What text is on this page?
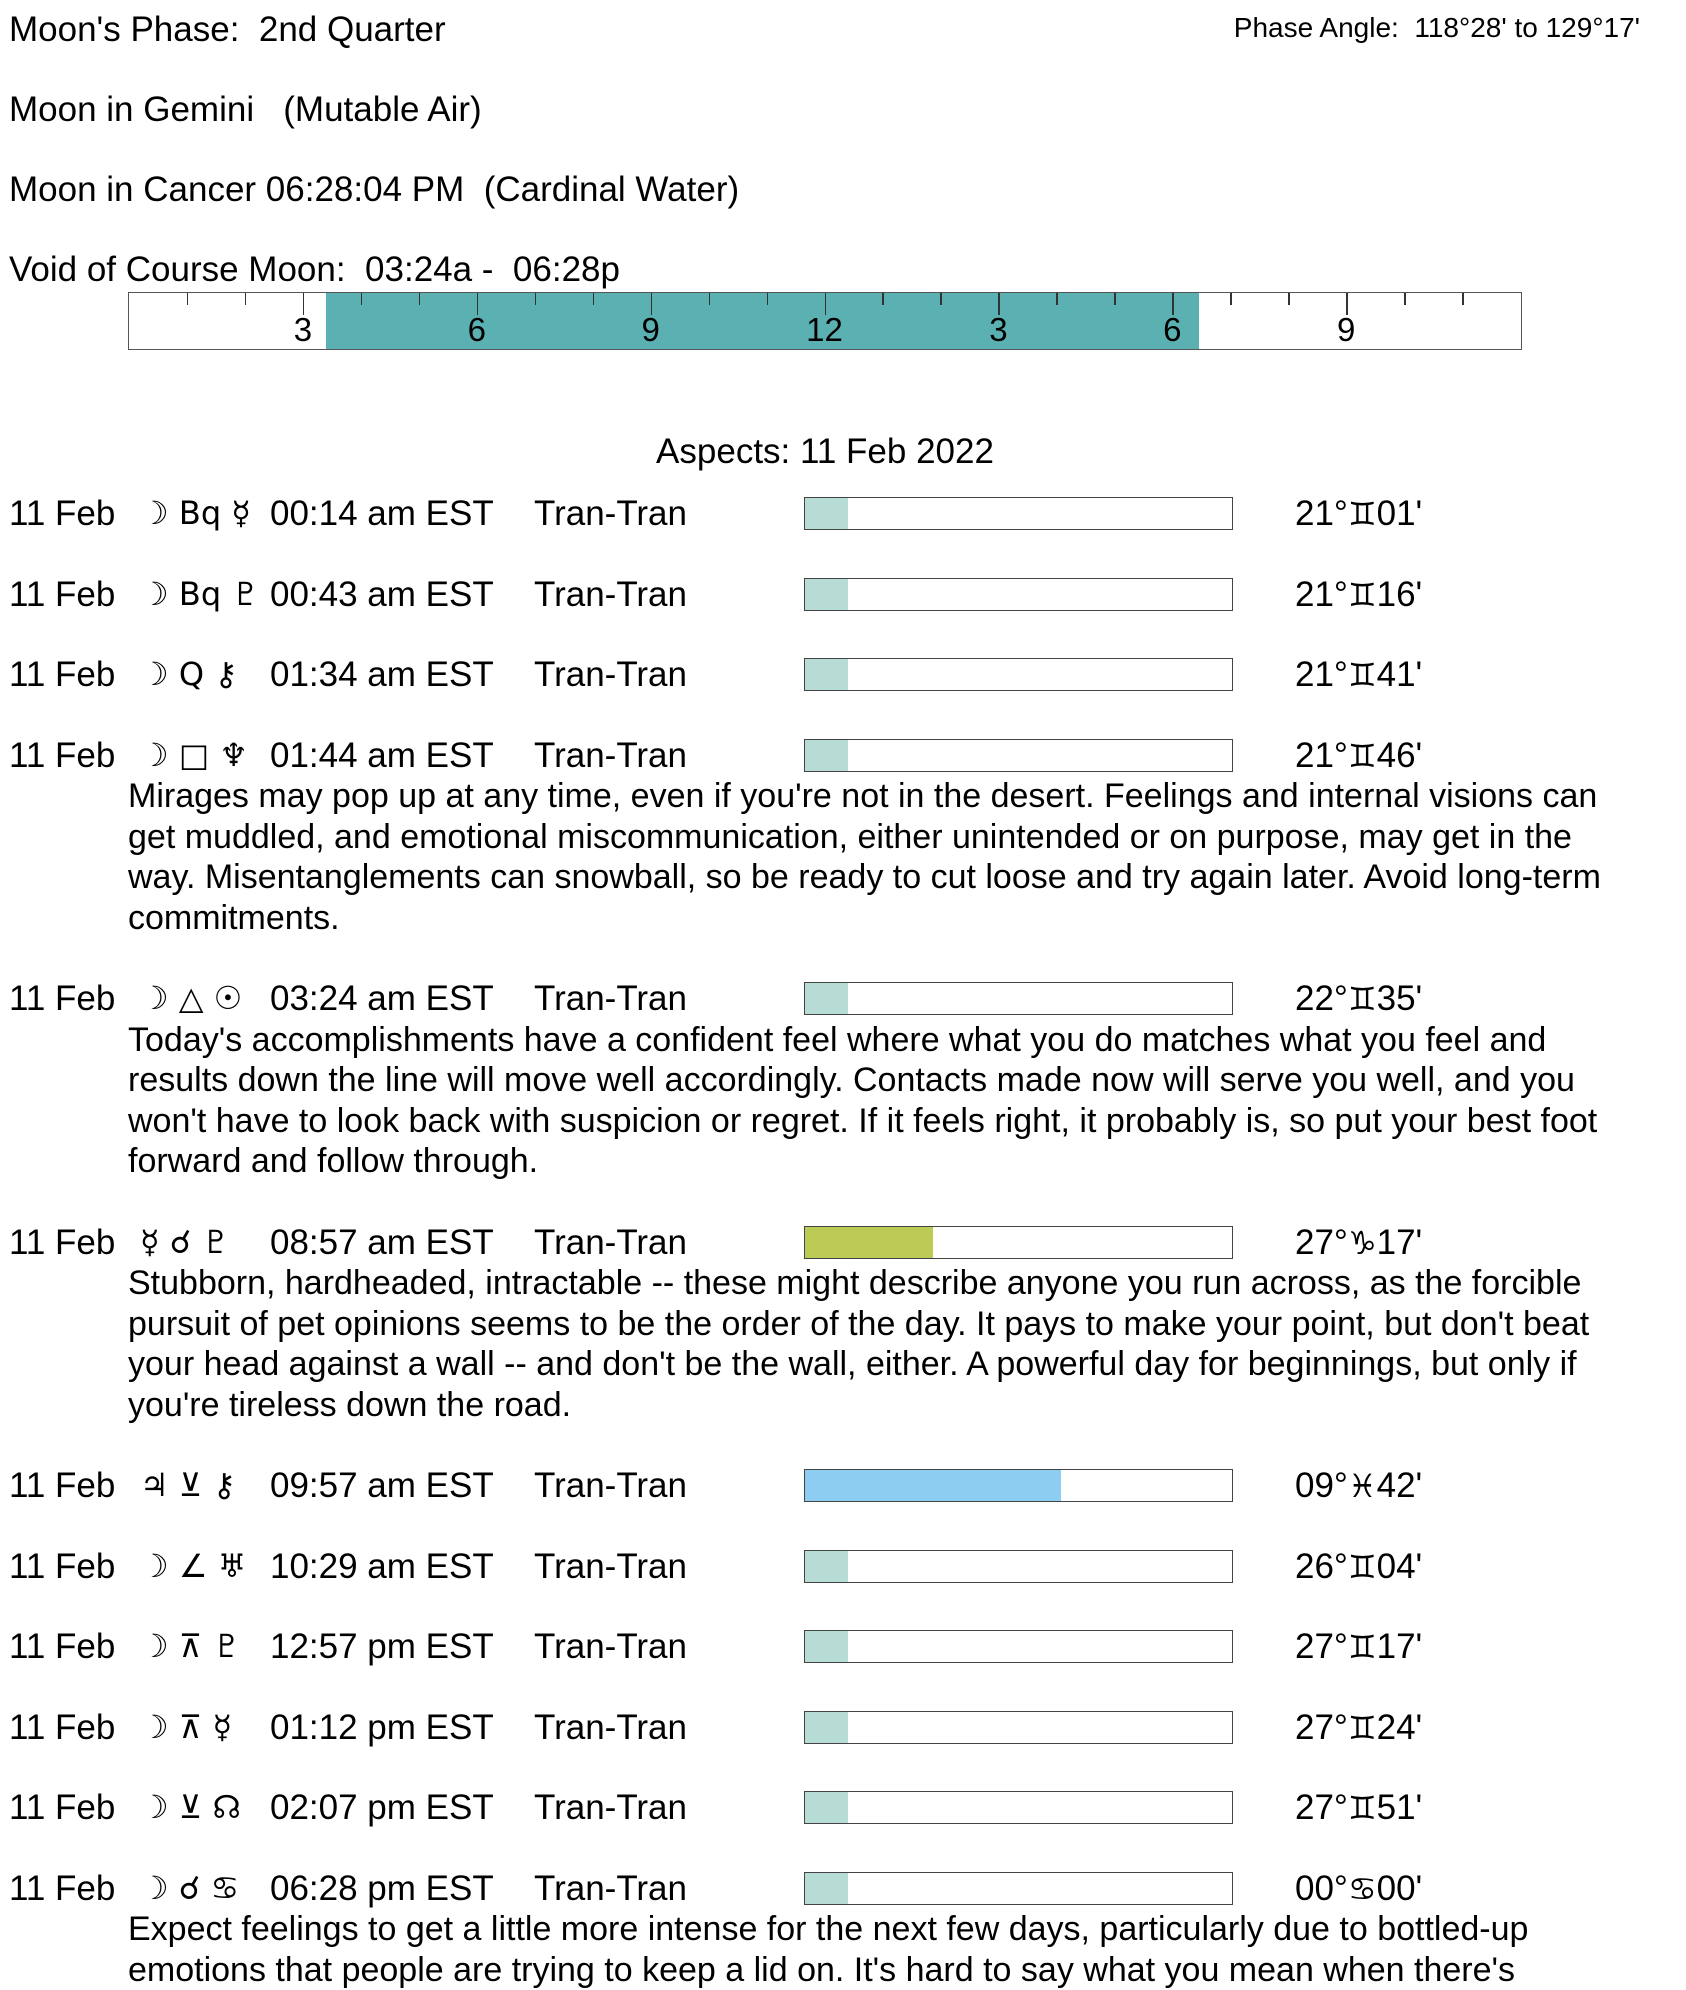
Moon's Phase:  2nd Quarter	Phase Angle:  118°28' to 129°17'
Moon in Gemini   (Mutable Air)
Moon in Cancer 06:28:04 PM  (Cardinal Water)
Void of Course Moon:  03:24a -  06:28p
3	6	9	12	3	6	9
Aspects: 11 Feb 2022
11 Feb ☽ Bq ☿ 00:14 am EST Tran-Tran	21°♊01'
11 Feb ☽ Bq ♇ 00:43 am EST Tran-Tran	21°♊16'
11 Feb ☽ Q ⚷ 01:34 am EST Tran-Tran	21°♊41'
11 Feb ☽ □ ♆ 01:44 am EST Tran-Tran	21°♊46'
Mirages may pop up at any time, even if you're not in the desert. Feelings and internal visions can get muddled, and emotional miscommunication, either unintended or on purpose, may get in the way. Misentanglements can snowball, so be ready to cut loose and try again later. Avoid long-term commitments.
11 Feb ☽ △ ☉ 03:24 am EST Tran-Tran	22°♊35'
Today's accomplishments have a confident feel where what you do matches what you feel and results down the line will move well accordingly. Contacts made now will serve you well, and you won't have to look back with suspicion or regret. If it feels right, it probably is, so put your best foot forward and follow through.
11 Feb ☿ ☌ ♇ 08:57 am EST Tran-Tran	27°♑17'
Stubborn, hardheaded, intractable -- these might describe anyone you run across, as the forcible pursuit of pet opinions seems to be the order of the day. It pays to make your point, but don't beat your head against a wall -- and don't be the wall, either. A powerful day for beginnings, but only if you're tireless down the road.
11 Feb ♃ ⊻ ⚷ 09:57 am EST Tran-Tran	09°♓42'
11 Feb ☽ ∠ ♅ 10:29 am EST Tran-Tran	26°♊04'
11 Feb ☽ ⊼ ♇ 12:57 pm EST Tran-Tran	27°♊17'
11 Feb ☽ ⊼ ☿ 01:12 pm EST Tran-Tran	27°♊24'
11 Feb ☽ ⊻ ☊ 02:07 pm EST Tran-Tran	27°♊51'
11 Feb ☽ ☌ ♋ 06:28 pm EST Tran-Tran	00°♋00'
Expect feelings to get a little more intense for the next few days, particularly due to bottled-up emotions that people are trying to keep a lid on. It's hard to say what you mean when there's
